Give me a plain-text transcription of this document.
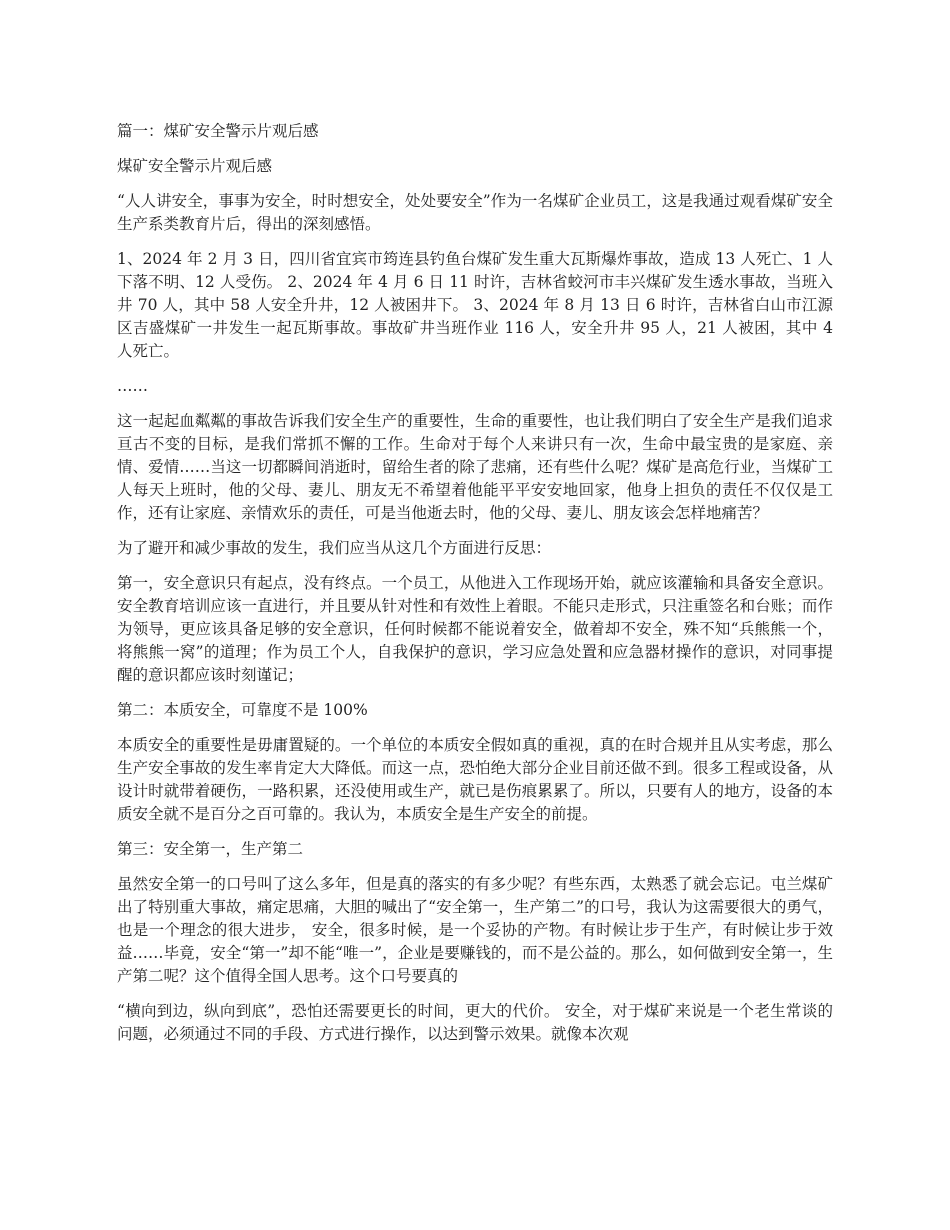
篇一：煤矿安全警示片观后感

煤矿安全警示片观后感

“人人讲安全，事事为安全，时时想安全，处处要安全”作为一名煤矿企业员工，这是我通过观看煤矿安全生产系类教育片后，得出的深刻感悟。

1、2024 年 2 月 3 日，四川省宜宾市筠连县钓鱼台煤矿发生重大瓦斯爆炸事故，造成 13 人死亡、1 人下落不明、12 人受伤。 2、2024 年 4 月 6 日 11 时许，吉林省蛟河市丰兴煤矿发生透水事故，当班入井 70 人，其中 58 人安全升井，12 人被困井下。 3、2024 年 8 月 13 日 6 时许，吉林省白山市江源区吉盛煤矿一井发生一起瓦斯事故。事故矿井当班作业 116 人，安全升井 95 人，21 人被困，其中 4 人死亡。

……

这一起起血粼粼的事故告诉我们安全生产的重要性，生命的重要性，也让我们明白了安全生产是我们追求亘古不变的目标，是我们常抓不懈的工作。生命对于每个人来讲只有一次，生命中最宝贵的是家庭、亲情、爱情……当这一切都瞬间消逝时，留给生者的除了悲痛，还有些什么呢？煤矿是高危行业，当煤矿工人每天上班时，他的父母、妻儿、朋友无不希望着他能平平安安地回家，他身上担负的责任不仅仅是工作，还有让家庭、亲情欢乐的责任，可是当他逝去时，他的父母、妻儿、朋友该会怎样地痛苦？

为了避开和减少事故的发生，我们应当从这几个方面进行反思：

第一，安全意识只有起点，没有终点。一个员工，从他进入工作现场开始，就应该灌输和具备安全意识。安全教育培训应该一直进行，并且要从针对性和有效性上着眼。不能只走形式，只注重签名和台账；而作为领导，更应该具备足够的安全意识，任何时候都不能说着安全，做着却不安全，殊不知“兵熊熊一个，将熊熊一窝”的道理；作为员工个人，自我保护的意识，学习应急处置和应急器材操作的意识，对同事提醒的意识都应该时刻谨记；

第二：本质安全，可靠度不是 100%

本质安全的重要性是毋庸置疑的。一个单位的本质安全假如真的重视，真的在时合规并且从实考虑，那么生产安全事故的发生率肯定大大降低。而这一点，恐怕绝大部分企业目前还做不到。很多工程或设备，从设计时就带着硬伤，一路积累，还没使用或生产，就已是伤痕累累了。所以，只要有人的地方，设备的本质安全就不是百分之百可靠的。我认为，本质安全是生产安全的前提。

第三：安全第一，生产第二

虽然安全第一的口号叫了这么多年，但是真的落实的有多少呢？有些东西，太熟悉了就会忘记。屯兰煤矿出了特别重大事故，痛定思痛，大胆的喊出了“安全第一，生产第二”的口号，我认为这需要很大的勇气，也是一个理念的很大进步， 安全，很多时候，是一个妥协的产物。有时候让步于生产，有时候让步于效益……毕竟，安全“第一”却不能“唯一”，企业是要赚钱的，而不是公益的。那么，如何做到安全第一，生产第二呢？这个值得全国人思考。这个口号要真的

“横向到边，纵向到底”，恐怕还需要更长的时间，更大的代价。 安全，对于煤矿来说是一个老生常谈的问题，必须通过不同的手段、方式进行操作，以达到警示效果。就像本次观
